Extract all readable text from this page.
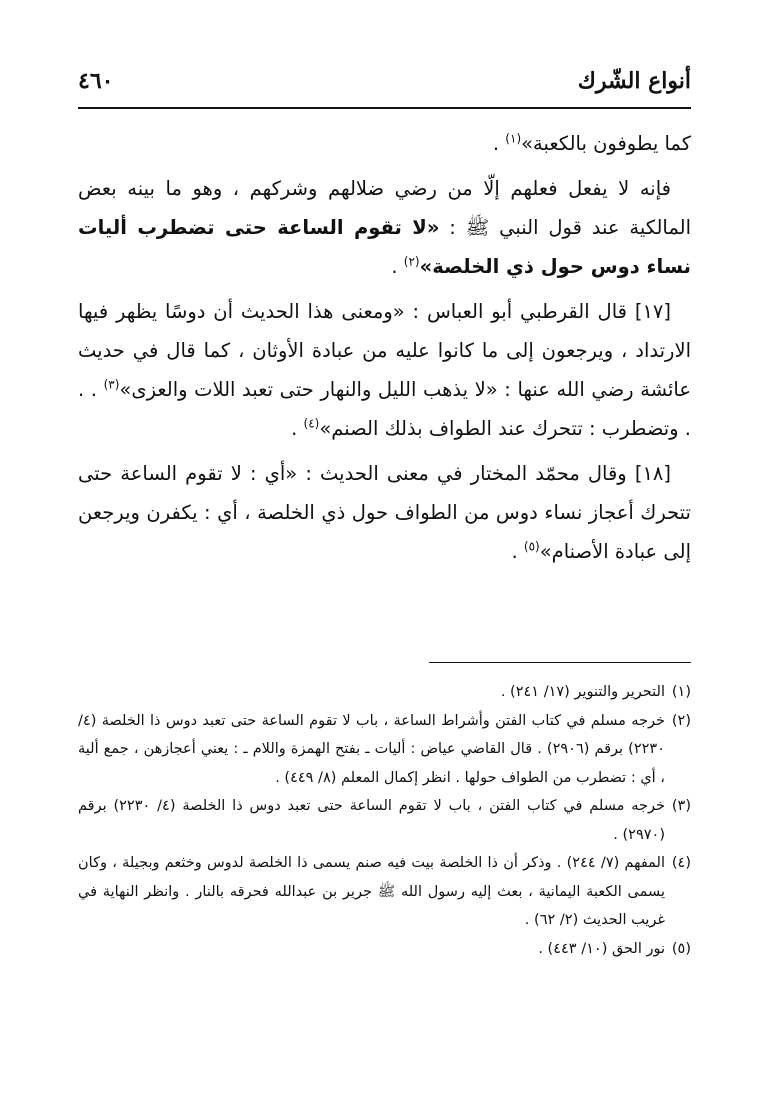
أنواع الشّرك
٤٦٠

كما يطوفون بالكعبة»$^{(١)}$ .

فإنه لا يفعل فعلهم إلّا من رضي ضلالهم وشركهم ، وهو ما بينه بعض المالكية عند قول النبي ﷺ : «لا تقوم الساعة حتى تضطرب أليات نساء دوس حول ذي الخلصة»$^{(٢)}$ .

[١٧] قال القرطبي أبو العباس : «ومعنى هذا الحديث أن دوسًا يظهر فيها الارتداد ، ويرجعون إلى ما كانوا عليه من عبادة الأوثان ، كما قال في حديث عائشة رضي الله عنها : «لا يذهب الليل والنهار حتى تعبد اللات والعزى»$^{(٣)}$ . . . وتضطرب : تتحرك عند الطواف بذلك الصنم»$^{(٤)}$ .

[١٨] وقال محمّد المختار في معنى الحديث : «أي : لا تقوم الساعة حتى تتحرك أعجاز نساء دوس من الطواف حول ذي الخلصة ، أي : يكفرن ويرجعن إلى عبادة الأصنام»$^{(٥)}$ .

(١)
التحرير والتنوير (١٧/ ٢٤١) .

(٢)
خرجه مسلم في كتاب الفتن وأشراط الساعة ، باب لا تقوم الساعة حتى تعبد دوس ذا الخلصة (٤/ ٢٢٣٠) برقم (٢٩٠٦) . قال القاضي عياض : أليات ـ بفتح الهمزة واللام ـ : يعني أعجازهن ، جمع ألية ، أي : تضطرب من الطواف حولها . انظر إكمال المعلم (٨/ ٤٤٩) .

(٣)
خرجه مسلم في كتاب الفتن ، باب لا تقوم الساعة حتى تعبد دوس ذا الخلصة (٤/ ٢٢٣٠) برقم (٢٩٧٠) .

(٤)
المفهم (٧/ ٢٤٤) . وذكر أن ذا الخلصة بيت فيه صنم يسمى ذا الخلصة لدوس وخثعم وبجيلة ، وكان يسمى الكعبة اليمانية ، بعث إليه رسول الله ﷺ جرير بن عبدالله فحرقه بالنار . وانظر النهاية في غريب الحديث (٢/ ٦٢) .

(٥)
نور الحق (١٠/ ٤٤٣) .
